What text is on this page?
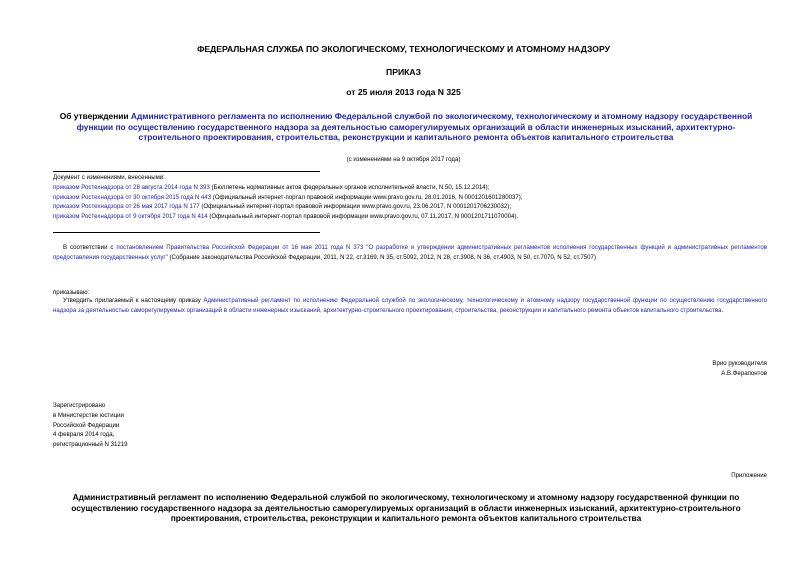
ФЕДЕРАЛЬНАЯ СЛУЖБА ПО ЭКОЛОГИЧЕСКОМУ, ТЕХНОЛОГИЧЕСКОМУ И АТОМНОМУ НАДЗОРУ
ПРИКАЗ
от 25 июля 2013 года N 325
Об утверждении Административного регламента по исполнению Федеральной службой по экологическому, технологическому и атомному надзору государственной функции по осуществлению государственного надзора за деятельностью саморегулируемых организаций в области инженерных изысканий, архитектурно-строительного проектирования, строительства, реконструкции и капитального ремонта объектов капитального строительства
(с изменениями на 9 октября 2017 года)
Документ с изменениями, внесенными:
приказом Ростехнадзора от 28 августа 2014 года N 393 (Бюллетень нормативных актов федеральных органов исполнительной власти, N 50, 15.12.2014);
приказом Ростехнадзора от 30 октября 2015 года N 443 (Официальный интернет-портал правовой информации www.pravo.gov.ru, 28.01.2016, N 0001201601280037);
приказом Ростехнадзора от 26 мая 2017 года N 177 (Официальный интернет-портал правовой информации www.pravo.gov.ru, 23.06.2017, N 0001201706230032);
приказом Ростехнадзора от 9 октября 2017 года N 414 (Официальный интернет-портал правовой информации www.pravo.gov.ru, 07.11.2017, N 0001201711070004).
В соответствии с постановлением Правительства Российской Федерации от 16 мая 2011 года N 373 "О разработке и утверждении административных регламентов исполнения государственных функций и административных регламентов предоставления государственных услуг" (Собрание законодательства Российской Федерации, 2011, N 22, ст.3169, N 35, ст.5092, 2012, N 28, ст.3908, N 36, ст.4903, N 50, ст.7070, N 52, ст.7507)
приказываю:
Утвердить прилагаемый к настоящему приказу Административный регламент по исполнению Федеральной службой по экологическому, технологическому и атомному надзору государственной функции по осуществлению государственного надзора за деятельностью саморегулируемых организаций в области инженерных изысканий, архитектурно-строительного проектирования, строительства, реконструкции и капитального ремонта объектов капитального строительства.
Врио руководителя
А.В.Ферапонтов
Зарегистрировано
в Министерстве юстиции
Российской Федерации
4 февраля 2014 года,
регистрационный N 31219
Приложение
Административный регламент по исполнению Федеральной службой по экологическому, технологическому и атомному надзору государственной функции по осуществлению государственного надзора за деятельностью саморегулируемых организаций в области инженерных изысканий, архитектурно-строительного проектирования, строительства, реконструкции и капитального ремонта объектов капитального строительства
